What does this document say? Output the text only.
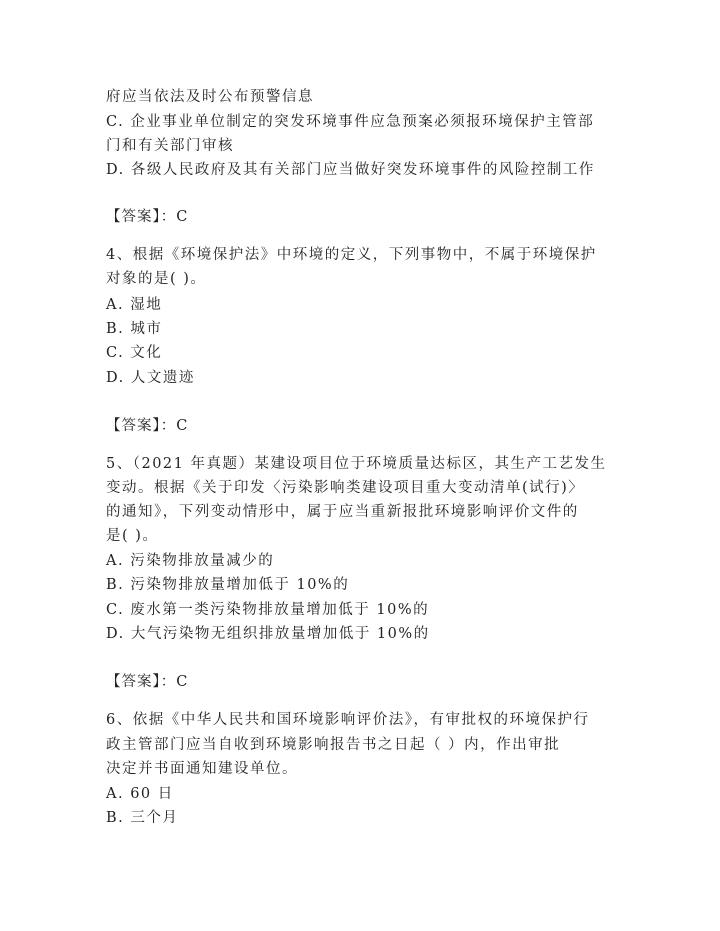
府应当依法及时公布预警信息
C. 企业事业单位制定的突发环境事件应急预案必须报环境保护主管部
门和有关部门审核
D. 各级人民政府及其有关部门应当做好突发环境事件的风险控制工作
【答案】：C
4、根据《环境保护法》中环境的定义，下列事物中，不属于环境保护
对象的是( )。
A. 湿地
B. 城市
C. 文化
D. 人文遗迹
【答案】：C
5、（2021 年真题）某建设项目位于环境质量达标区，其生产工艺发生
变动。根据《关于印发〈污染影响类建设项目重大变动清单(试行)〉
的通知》，下列变动情形中，属于应当重新报批环境影响评价文件的
是( )。
A. 污染物排放量减少的
B. 污染物排放量增加低于 10%的
C. 废水第一类污染物排放量增加低于 10%的
D. 大气污染物无组织排放量增加低于 10%的
【答案】：C
6、依据《中华人民共和国环境影响评价法》，有审批权的环境保护行
政主管部门应当自收到环境影响报告书之日起（ ）内，作出审批
决定并书面通知建设单位。
A. 60 日
B. 三个月
